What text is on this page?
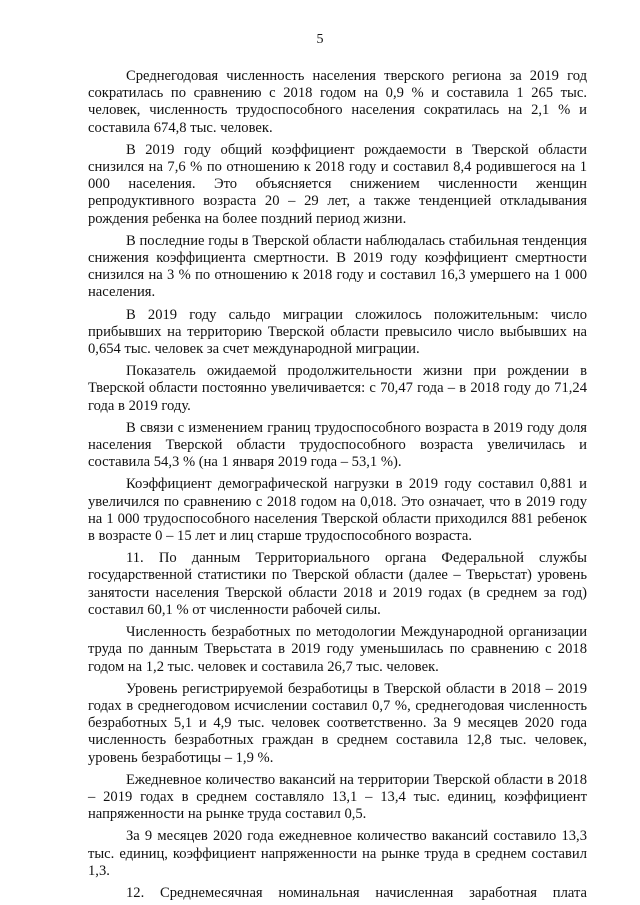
5

Среднегодовая численность населения тверского региона за 2019 год сократилась по сравнению с 2018 годом на 0,9 % и составила 1 265 тыс. человек, численность трудоспособного населения сократилась на 2,1 % и составила 674,8 тыс. человек.

В 2019 году общий коэффициент рождаемости в Тверской области снизился на 7,6 % по отношению к 2018 году и составил 8,4 родившегося на 1 000 населения. Это объясняется снижением численности женщин репродуктивного возраста 20 – 29 лет, а также тенденцией откладывания рождения ребенка на более поздний период жизни.

В последние годы в Тверской области наблюдалась стабильная тенденция снижения коэффициента смертности. В 2019 году коэффициент смертности снизился на 3 % по отношению к 2018 году и составил 16,3 умершего на 1 000 населения.

В 2019 году сальдо миграции сложилось положительным: число прибывших на территорию Тверской области превысило число выбывших на 0,654 тыс. человек за счет международной миграции.

Показатель ожидаемой продолжительности жизни при рождении в Тверской области постоянно увеличивается: с 70,47 года – в 2018 году до 71,24 года в 2019 году.

В связи с изменением границ трудоспособного возраста в 2019 году доля населения Тверской области трудоспособного возраста увеличилась и составила 54,3 % (на 1 января 2019 года – 53,1 %).

Коэффициент демографической нагрузки в 2019 году составил 0,881 и увеличился по сравнению с 2018 годом на 0,018. Это означает, что в 2019 году на 1 000 трудоспособного населения Тверской области приходился 881 ребенок в возрасте 0 – 15 лет и лиц старше трудоспособного возраста.

11. По данным Территориального органа Федеральной службы государственной статистики по Тверской области (далее – Тверьстат) уровень занятости населения Тверской области 2018 и 2019 годах (в среднем за год) составил 60,1 % от численности рабочей силы.

Численность безработных по методологии Международной организации труда по данным Тверьстата в 2019 году уменьшилась по сравнению с 2018 годом на 1,2 тыс. человек и составила 26,7 тыс. человек.

Уровень регистрируемой безработицы в Тверской области в 2018 – 2019 годах в среднегодовом исчислении составил 0,7 %, среднегодовая численность безработных 5,1 и 4,9 тыс. человек соответственно. За 9 месяцев 2020 года численность безработных граждан в среднем составила 12,8 тыс. человек, уровень безработицы – 1,9 %.

Ежедневное количество вакансий на территории Тверской области в 2018 – 2019 годах в среднем составляло 13,1 – 13,4 тыс. единиц, коэффициент напряженности на рынке труда составил 0,5.

За 9 месяцев 2020 года ежедневное количество вакансий составило 13,3 тыс. единиц, коэффициент напряженности на рынке труда в среднем составил 1,3.

12. Среднемесячная номинальная начисленная заработная плата
